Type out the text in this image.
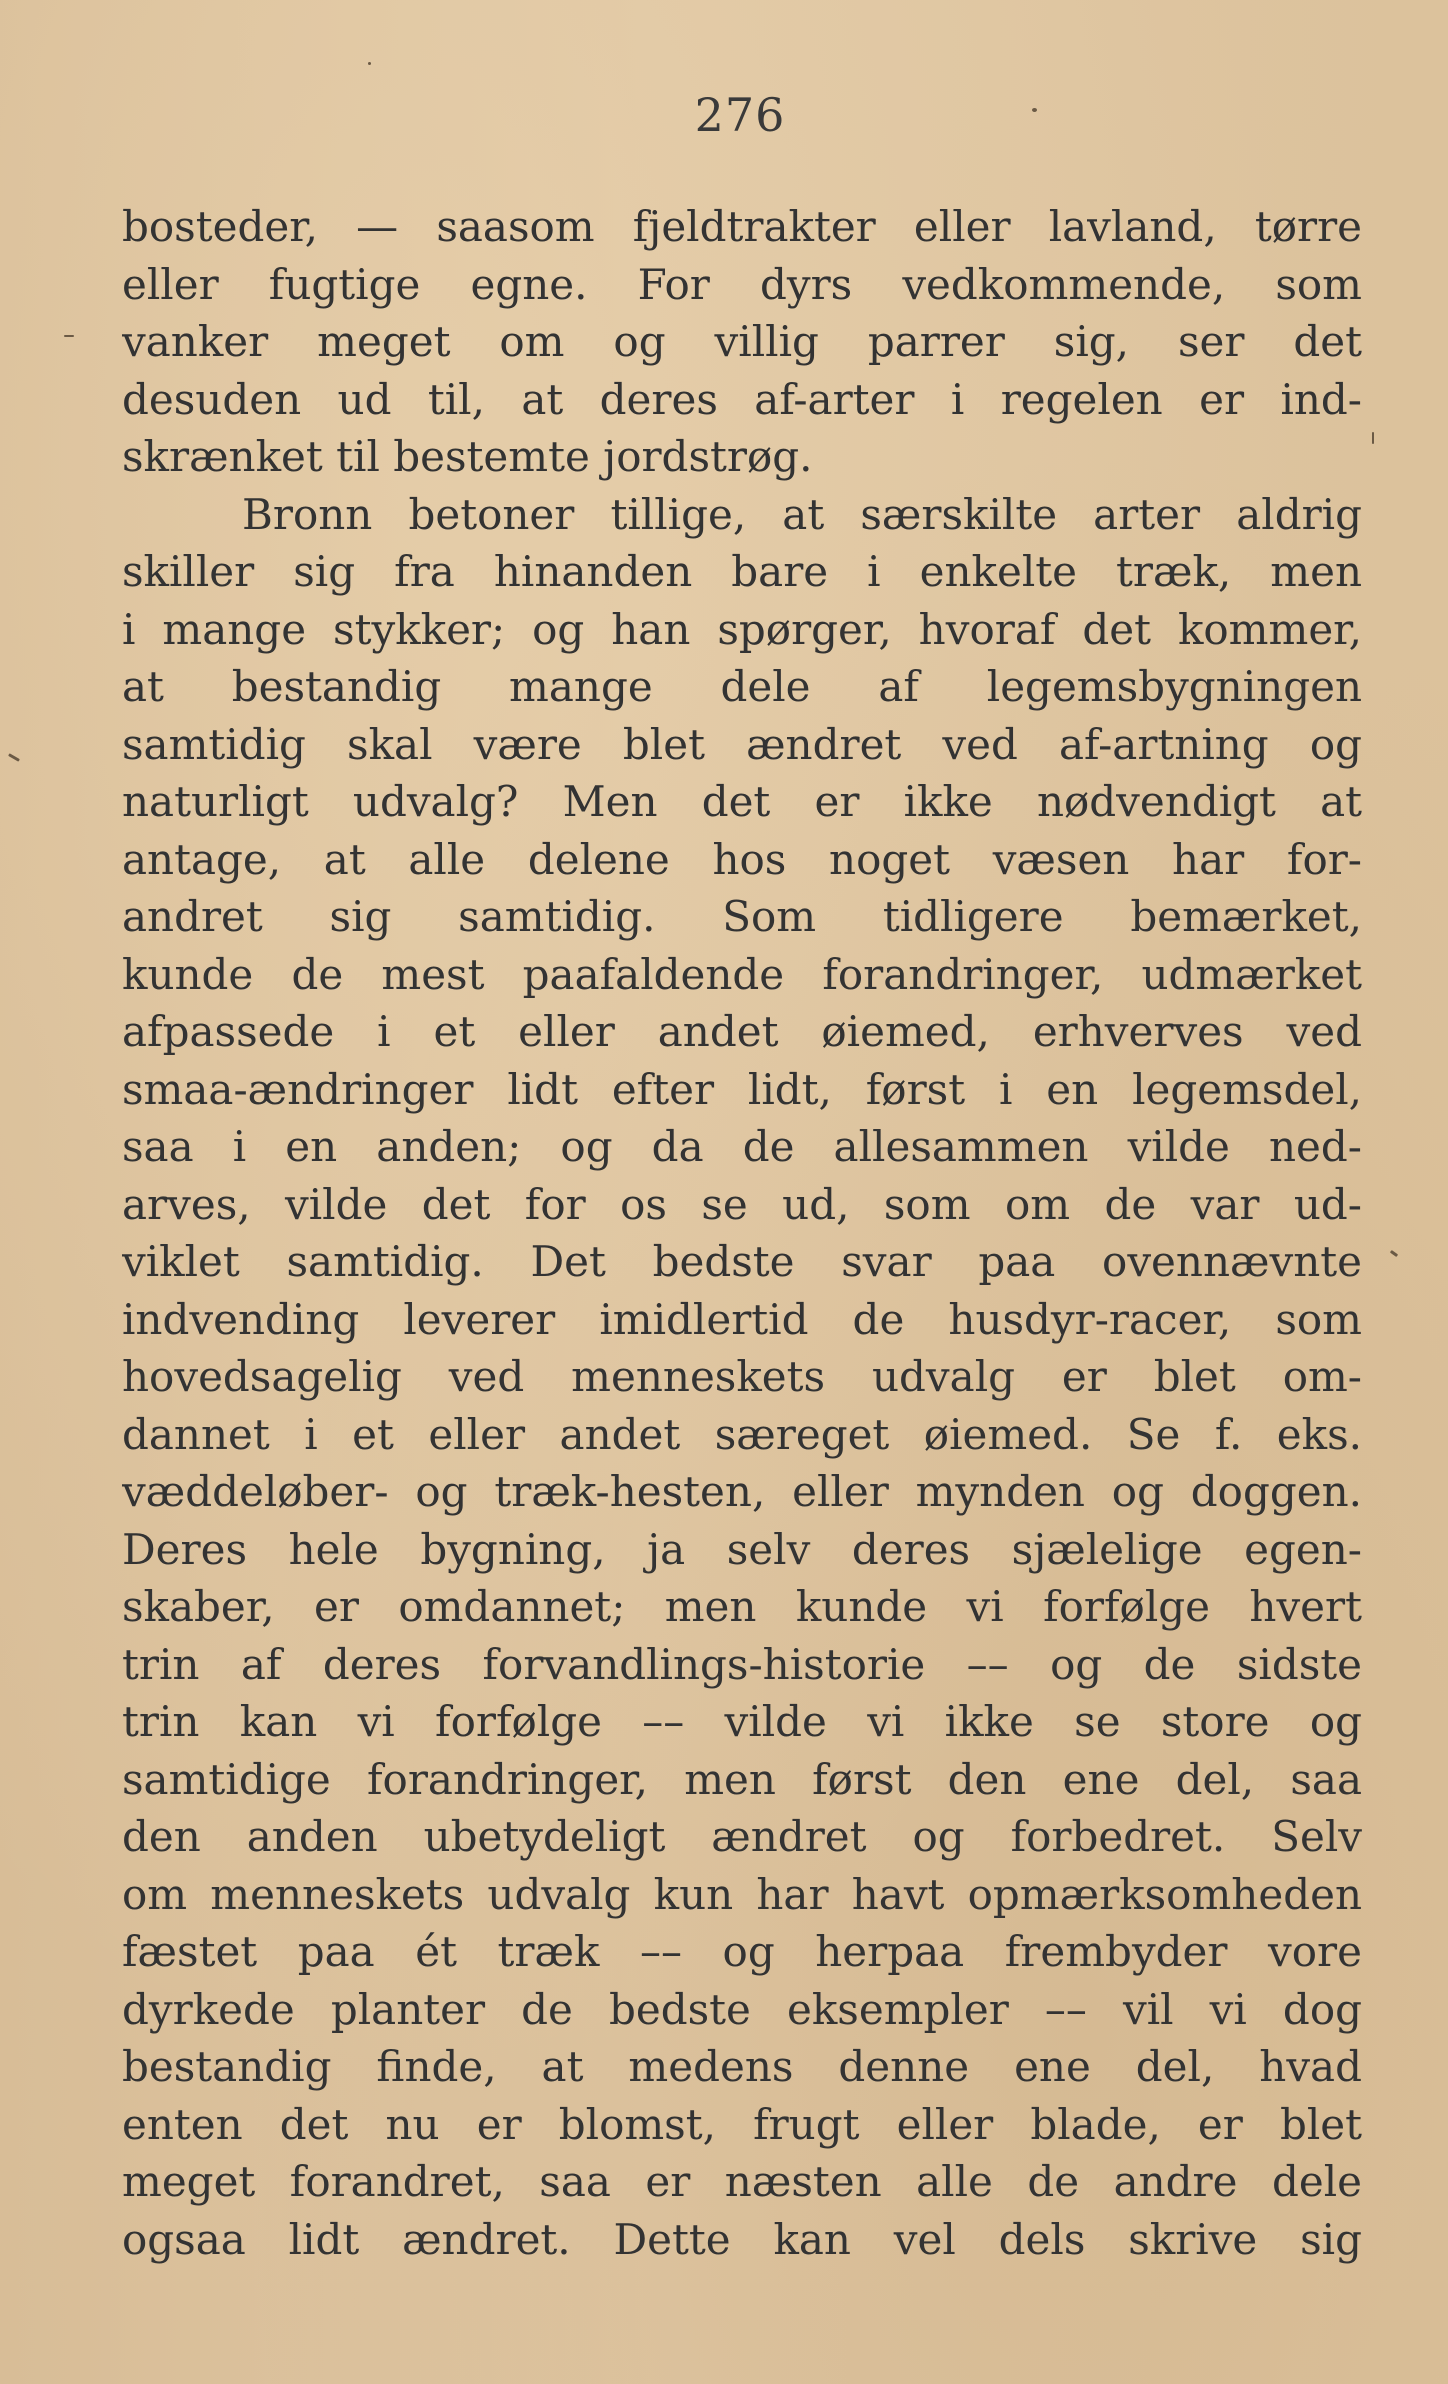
276
bosteder, — saasom fjeldtrakter eller lavland, tørre
eller fugtige egne. For dyrs vedkommende, som
vanker meget om og villig parrer sig, ser det
desuden ud til, at deres af-arter i regelen er ind-
skrænket til bestemte jordstrøg.
Bronn betoner tillige, at særskilte arter aldrig
skiller sig fra hinanden bare i enkelte træk, men
i mange stykker; og han spørger, hvoraf det kommer,
at bestandig mange dele af legemsbygningen
samtidig skal være blet ændret ved af-artning og
naturligt udvalg? Men det er ikke nødvendigt at
antage, at alle delene hos noget væsen har for-
andret sig samtidig. Som tidligere bemærket,
kunde de mest paafaldende forandringer, udmærket
afpassede i et eller andet øiemed, erhverves ved
smaa-ændringer lidt efter lidt, først i en legemsdel,
saa i en anden; og da de allesammen vilde ned-
arves, vilde det for os se ud, som om de var ud-
viklet samtidig. Det bedste svar paa ovennævnte
indvending leverer imidlertid de husdyr-racer, som
hovedsagelig ved menneskets udvalg er blet om-
dannet i et eller andet særeget øiemed. Se f. eks.
væddeløber- og træk-hesten, eller mynden og doggen.
Deres hele bygning, ja selv deres sjælelige egen-
skaber, er omdannet; men kunde vi forfølge hvert
trin af deres forvandlings-historie –– og de sidste
trin kan vi forfølge –– vilde vi ikke se store og
samtidige forandringer, men først den ene del, saa
den anden ubetydeligt ændret og forbedret. Selv
om menneskets udvalg kun har havt opmærksomheden
fæstet paa ét træk –– og herpaa frembyder vore
dyrkede planter de bedste eksempler –– vil vi dog
bestandig finde, at medens denne ene del, hvad
enten det nu er blomst, frugt eller blade, er blet
meget forandret, saa er næsten alle de andre dele
ogsaa lidt ændret. Dette kan vel dels skrive sig
